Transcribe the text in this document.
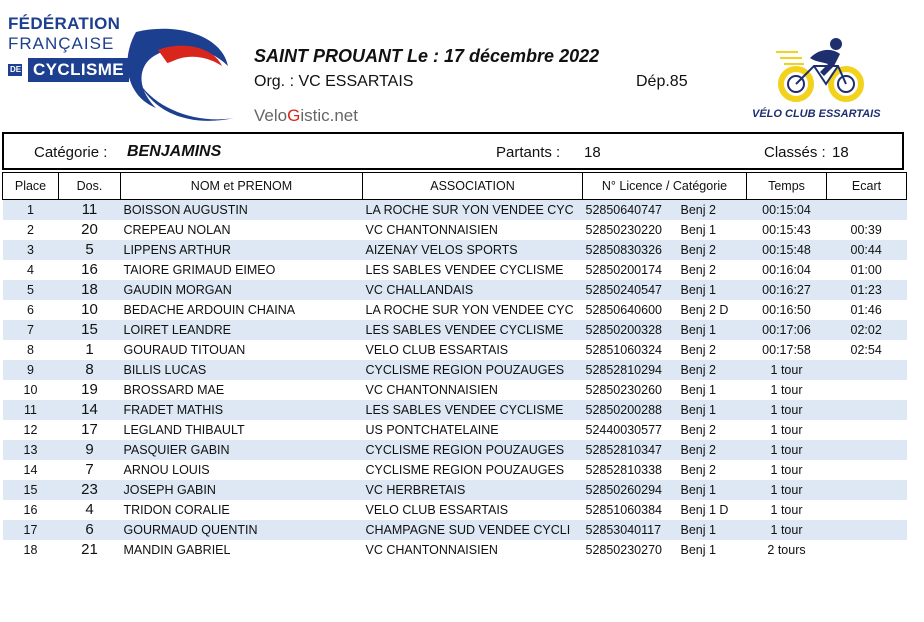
FÉDÉRATION
FRANÇAISE
DE CYCLISME
SAINT PROUANT Le : 17 décembre 2022
Org. : VC ESSARTAIS	Dép.85
VeloGistic.net	VÉLO CLUB ESSARTAIS
Catégorie : BENJAMINS	Partants : 18	Classés : 18
Place	Dos.	NOM et PRENOM	ASSOCIATION	N° Licence / Catégorie		Temps	Ecart
1	11	BOISSON AUGUSTIN	LA ROCHE SUR YON VENDEE CYC	52850640747	Benj 2	00:15:04	
2	20	CREPEAU NOLAN	VC CHANTONNAISIEN	52850230220	Benj 1	00:15:43	00:39
3	5	LIPPENS ARTHUR	AIZENAY VELOS SPORTS	52850830326	Benj 2	00:15:48	00:44
4	16	TAIORE GRIMAUD EIMEO	LES SABLES VENDEE CYCLISME	52850200174	Benj 2	00:16:04	01:00
5	18	GAUDIN MORGAN	VC CHALLANDAIS	52850240547	Benj 1	00:16:27	01:23
6	10	BEDACHE ARDOUIN CHAINA	LA ROCHE SUR YON VENDEE CYC	52850640600	Benj 2 D	00:16:50	01:46
7	15	LOIRET LEANDRE	LES SABLES VENDEE CYCLISME	52850200328	Benj 1	00:17:06	02:02
8	1	GOURAUD TITOUAN	VELO CLUB ESSARTAIS	52851060324	Benj 2	00:17:58	02:54
9	8	BILLIS LUCAS	CYCLISME REGION POUZAUGES	52852810294	Benj 2	1 tour	
10	19	BROSSARD MAE	VC CHANTONNAISIEN	52850230260	Benj 1	1 tour	
11	14	FRADET MATHIS	LES SABLES VENDEE CYCLISME	52850200288	Benj 1	1 tour	
12	17	LEGLAND THIBAULT	US PONTCHATELAINE	52440030577	Benj 2	1 tour	
13	9	PASQUIER GABIN	CYCLISME REGION POUZAUGES	52852810347	Benj 2	1 tour	
14	7	ARNOU LOUIS	CYCLISME REGION POUZAUGES	52852810338	Benj 2	1 tour	
15	23	JOSEPH GABIN	VC HERBRETAIS	52850260294	Benj 1	1 tour	
16	4	TRIDON CORALIE	VELO CLUB ESSARTAIS	52851060384	Benj 1 D	1 tour	
17	6	GOURMAUD QUENTIN	CHAMPAGNE SUD VENDEE CYCLI	52853040117	Benj 1	1 tour	
18	21	MANDIN GABRIEL	VC CHANTONNAISIEN	52850230270	Benj 1	2 tours	
